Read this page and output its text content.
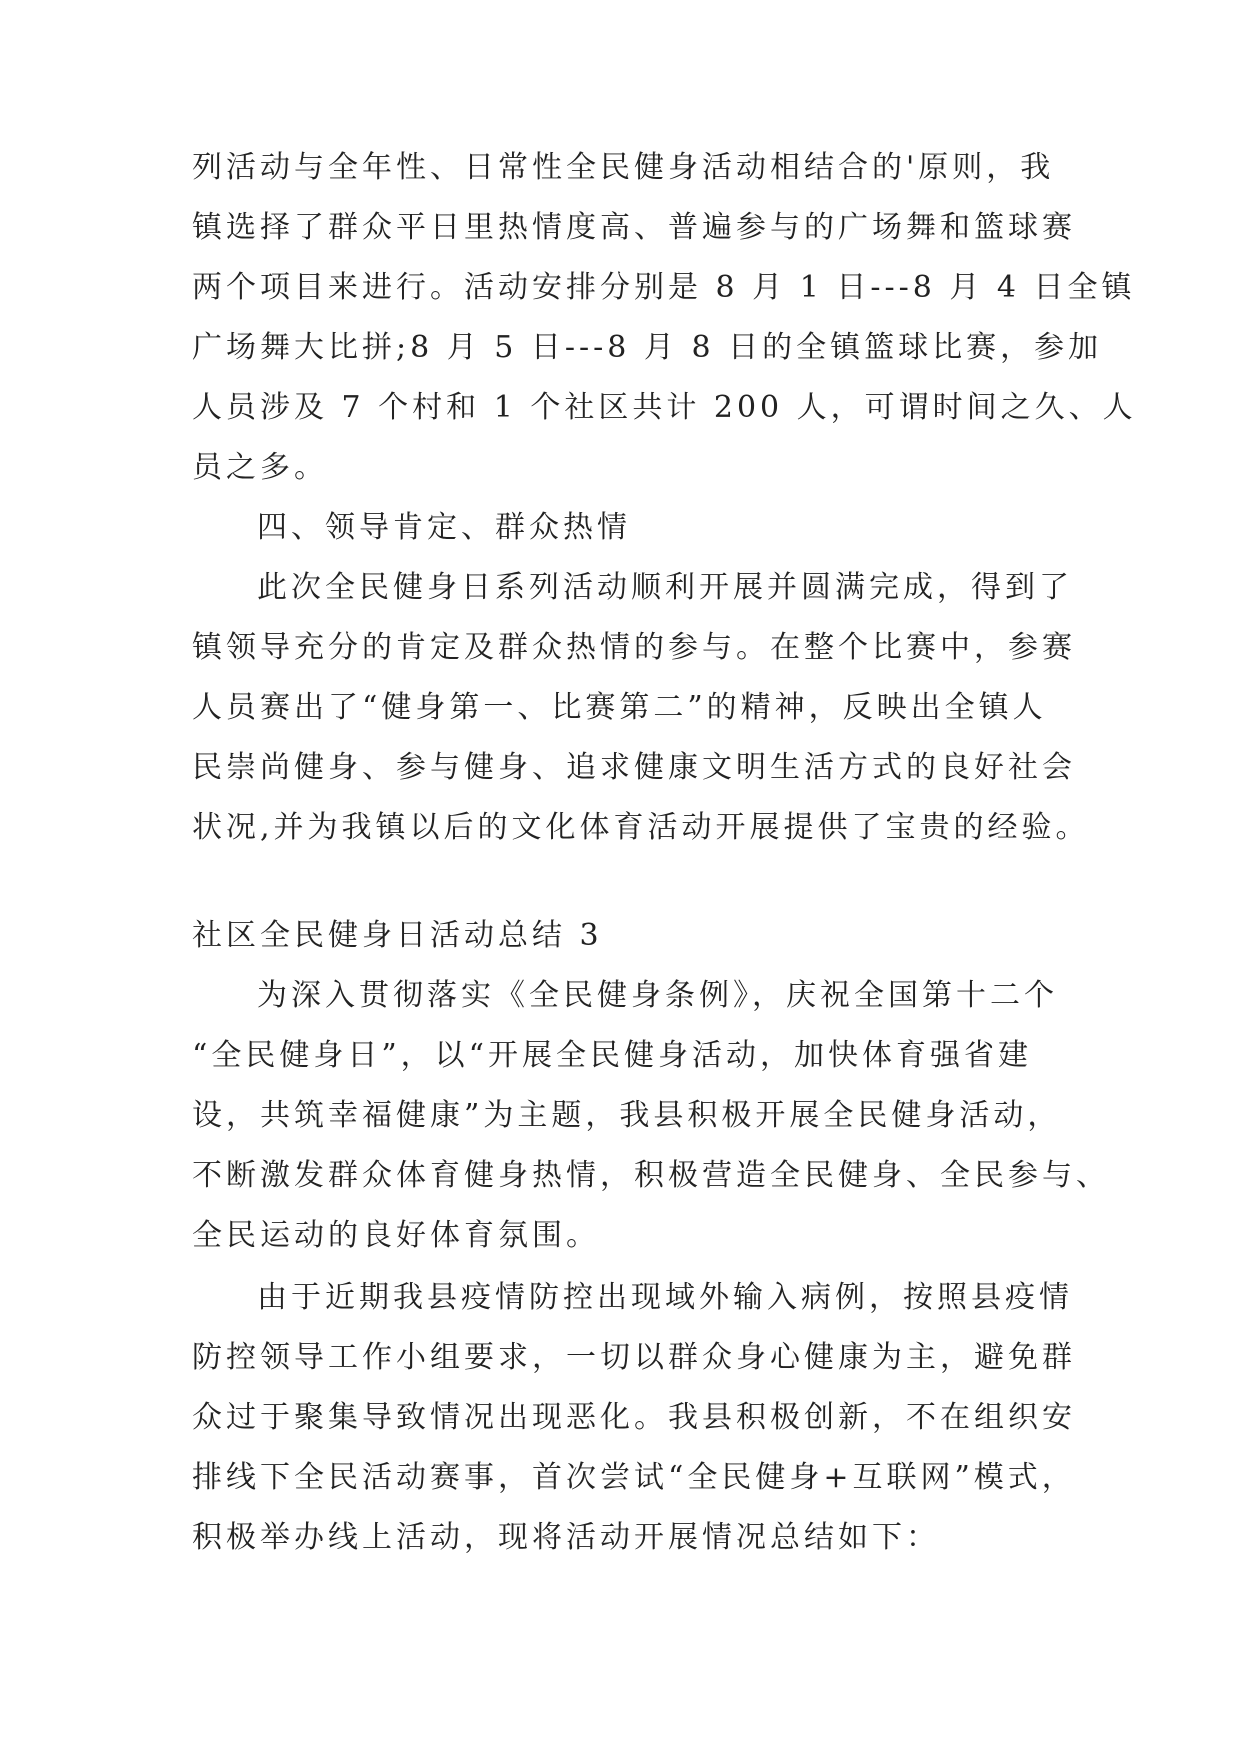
列活动与全年性、日常性全民健身活动相结合的'原则，我
镇选择了群众平日里热情度高、普遍参与的广场舞和篮球赛
两个项目来进行。活动安排分别是 8 月 1 日---8 月 4 日全镇
广场舞大比拼;8 月 5 日---8 月 8 日的全镇篮球比赛，参加
人员涉及 7 个村和 1 个社区共计 200 人，可谓时间之久、人
员之多。
四、领导肯定、群众热情
此次全民健身日系列活动顺利开展并圆满完成，得到了
镇领导充分的肯定及群众热情的参与。在整个比赛中，参赛
人员赛出了“健身第一、比赛第二”的精神，反映出全镇人
民崇尚健身、参与健身、追求健康文明生活方式的良好社会
状况,并为我镇以后的文化体育活动开展提供了宝贵的经验。
社区全民健身日活动总结 3
为深入贯彻落实《全民健身条例》，庆祝全国第十二个
“全民健身日”，以“开展全民健身活动，加快体育强省建
设，共筑幸福健康”为主题，我县积极开展全民健身活动，
不断激发群众体育健身热情，积极营造全民健身、全民参与、
全民运动的良好体育氛围。
由于近期我县疫情防控出现域外输入病例，按照县疫情
防控领导工作小组要求，一切以群众身心健康为主，避免群
众过于聚集导致情况出现恶化。我县积极创新，不在组织安
排线下全民活动赛事，首次尝试“全民健身+互联网”模式，
积极举办线上活动，现将活动开展情况总结如下：
